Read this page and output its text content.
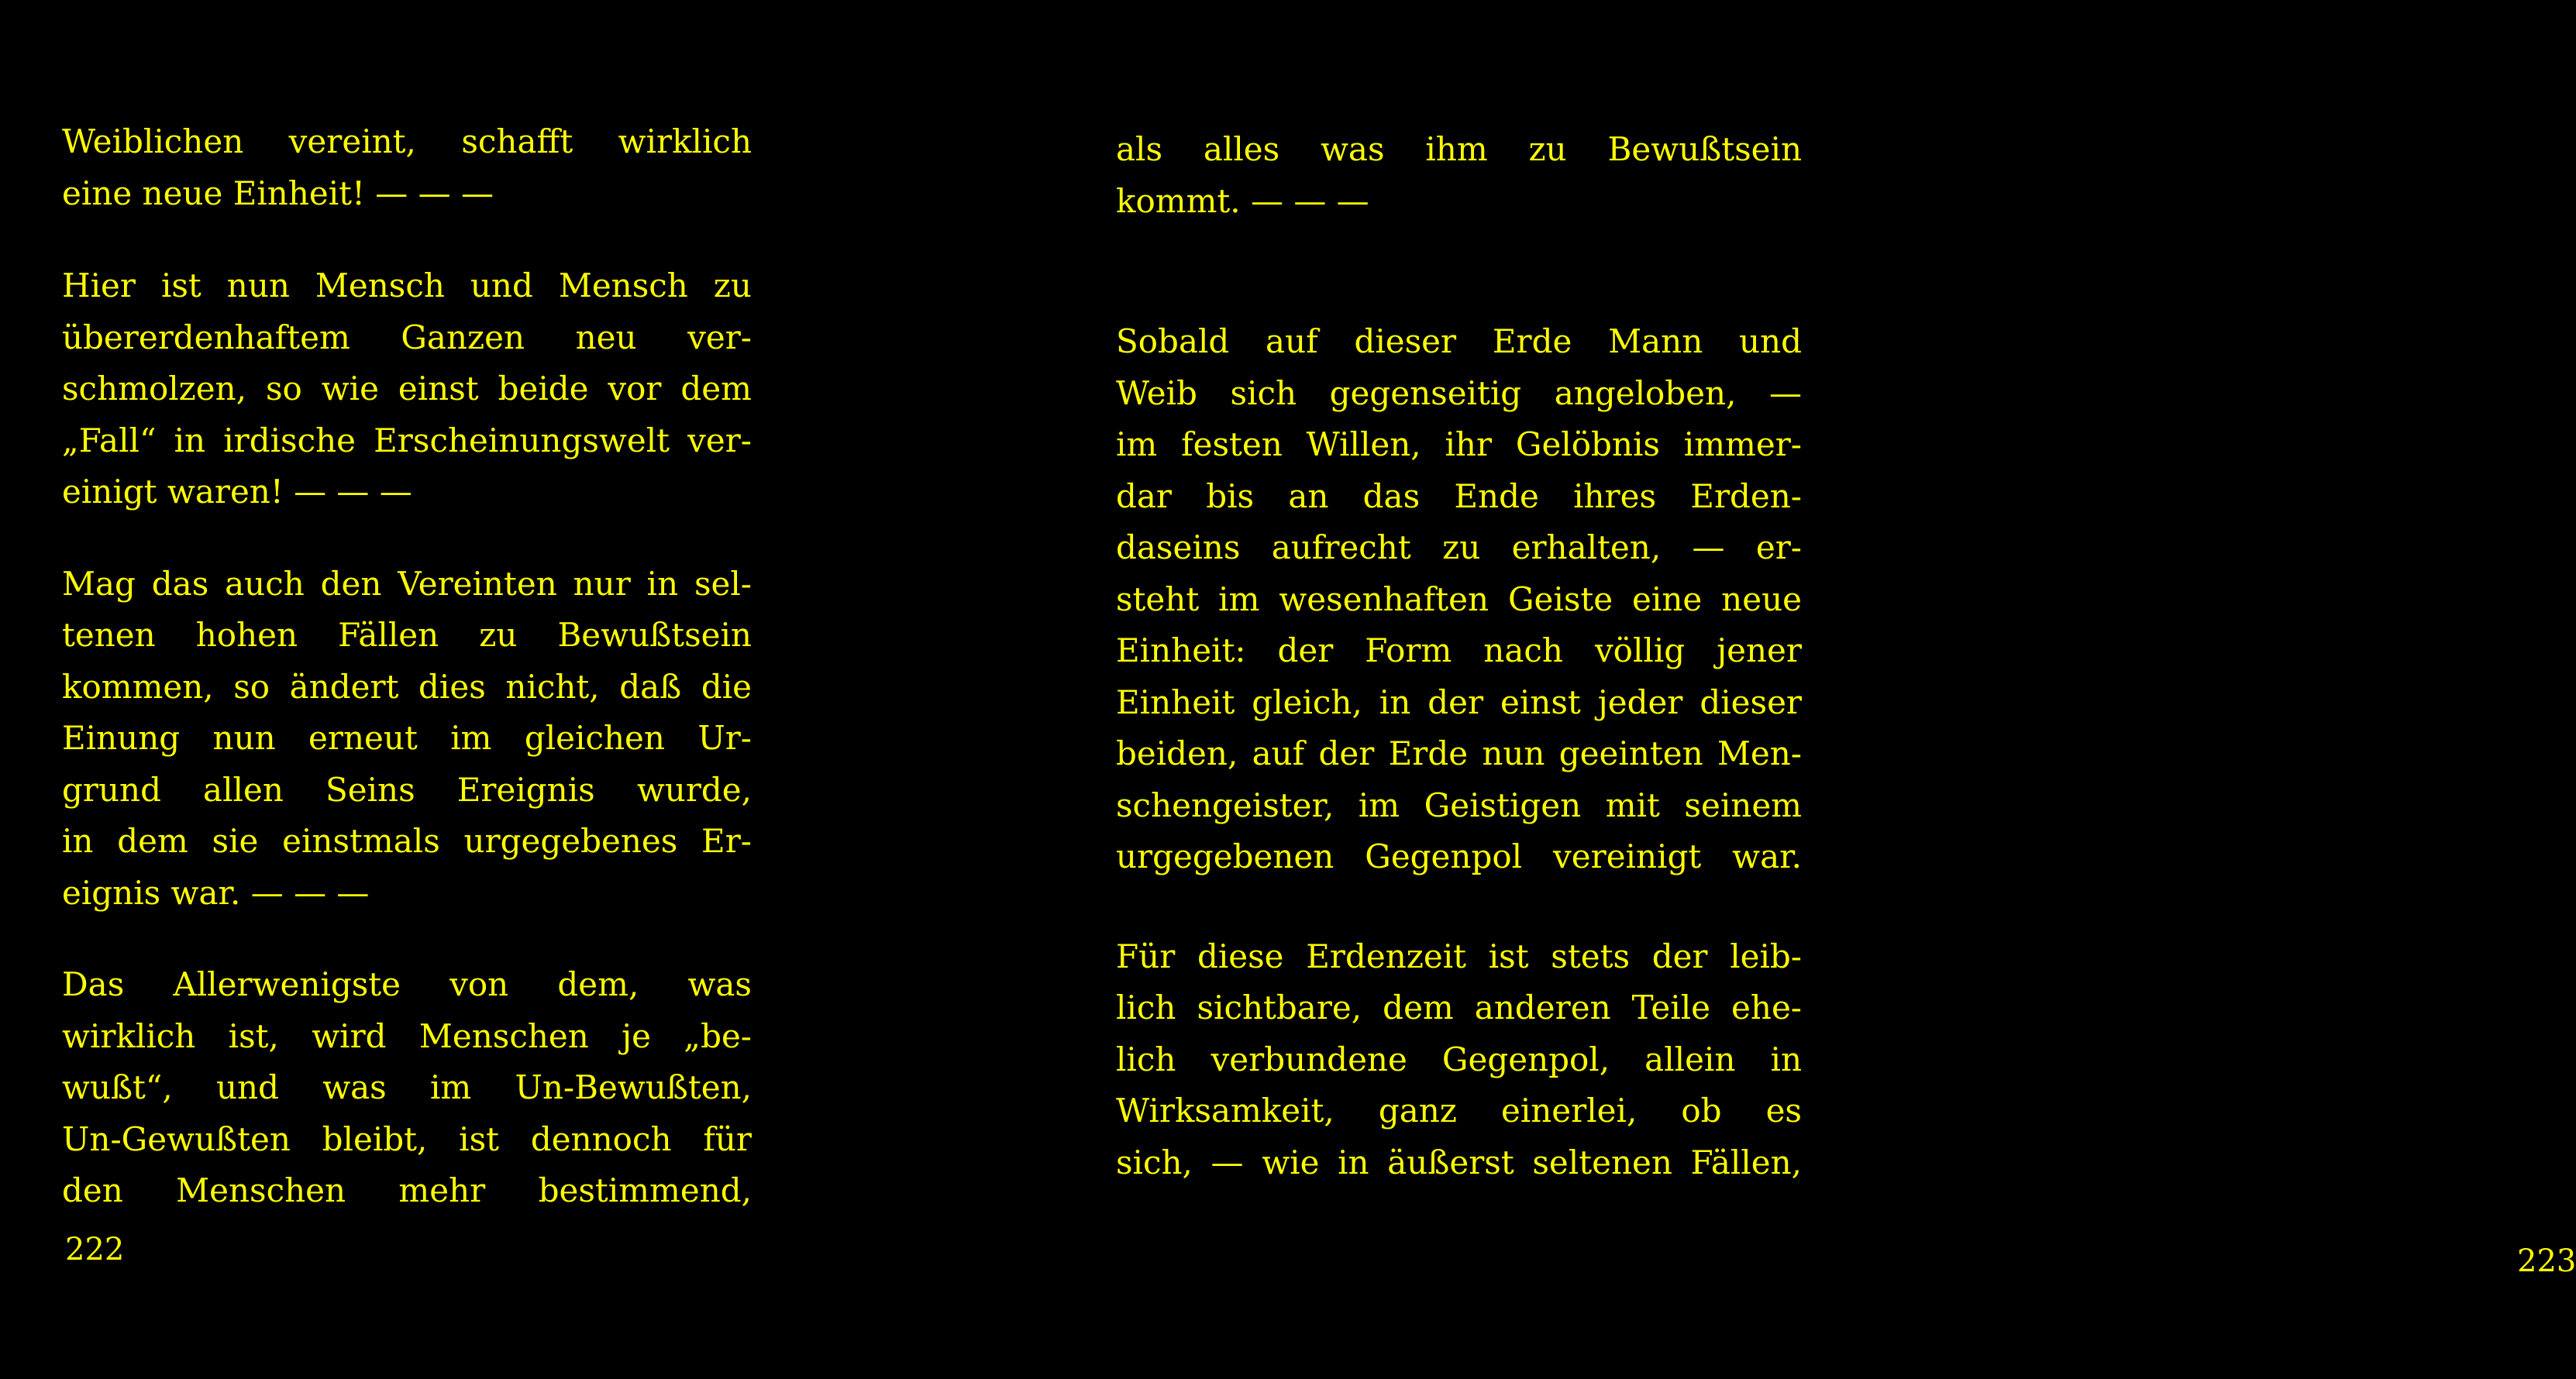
Weiblichen vereint, schafft wirklich
eine neue Einheit! — — —

Hier ist nun Mensch und Mensch zu
übererdenhaftem Ganzen neu ver-
schmolzen, so wie einst beide vor dem
„Fall“ in irdische Erscheinungswelt ver-
einigt waren! — — —

Mag das auch den Vereinten nur in sel-
tenen hohen Fällen zu Bewußtsein
kommen, so ändert dies nicht, daß die
Einung nun erneut im gleichen Ur-
grund allen Seins Ereignis wurde,
in dem sie einstmals urgegebenes Er-
eignis war. — — —

Das Allerwenigste von dem, was
wirklich ist, wird Menschen je „be-
wußt“, und was im Un-Bewußten,
Un-Gewußten bleibt, ist dennoch für
den Menschen mehr bestimmend,

222

als alles was ihm zu Bewußtsein
kommt. — — —

Sobald auf dieser Erde Mann und
Weib sich gegenseitig angeloben, —
im festen Willen, ihr Gelöbnis immer-
dar bis an das Ende ihres Erden-
daseins aufrecht zu erhalten, — er-
steht im wesenhaften Geiste eine neue
Einheit: der Form nach völlig jener
Einheit gleich, in der einst jeder dieser
beiden, auf der Erde nun geeinten Men-
schengeister, im Geistigen mit seinem
urgegebenen Gegenpol vereinigt war.

Für diese Erdenzeit ist stets der leib-
lich sichtbare, dem anderen Teile ehe-
lich verbundene Gegenpol, allein in
Wirksamkeit, ganz einerlei, ob es
sich, — wie in äußerst seltenen Fällen,

223
